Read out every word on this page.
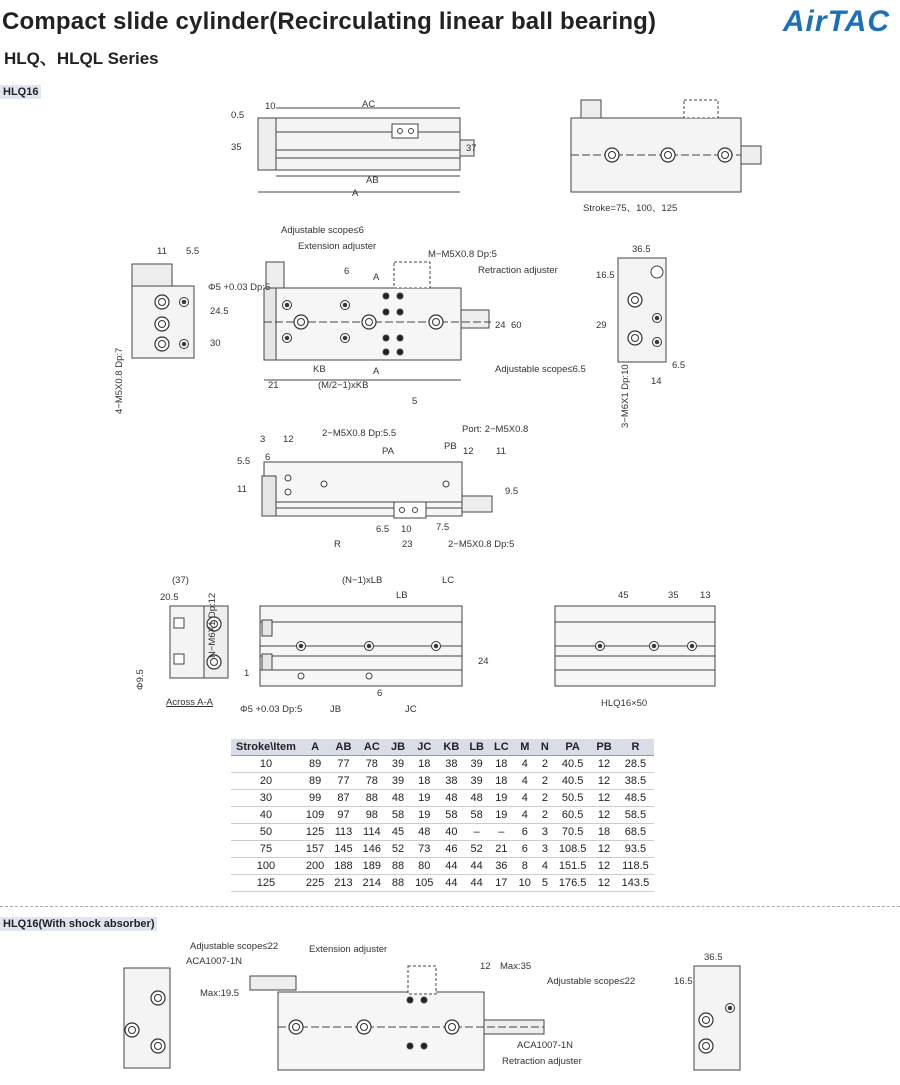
Compact slide cylinder(Recirculating linear ball bearing)
HLQ、HLQL Series
AirTAC
HLQ16
Stroke=75、100、125
Adjustable scope≤6
Extension adjuster
M−M5X0.8 Dp:5
Retraction adjuster
Adjustable scope≤6.5
Φ5 +0.03 Dp:5
2−M5X0.8 Dp:5.5	Port: 2−M5X0.8
2−M5X0.8 Dp:5
Across A-A	HLQ16×50
N−M6X1 Dp:12
4−M5X0.8 Dp:7	3−M6X1 Dp:10
Φ9.5
10	AC
AB
A
0.5
35	37
11 5.5
24.5
30
6
A
A
24 60
KB
(M/2−1)xKB
21
5
36.5
16.5
29
6.5
14
3 12
6
PA	PB 12 11
5.5
11	9.5
6.5 10	7.5
R	23
(37)
20.5
(N−1)xLB	LC
LB
24
1
6
Φ5 +0.03 Dp:5	JB	JC
45	35 13
Stroke\Item	A	AB	AC	JB	JC	KB	LB	LC	M	N	PA	PB	R
10	89	77	78	39	18	38	39	18	4	2	40.5	12	28.5
20	89	77	78	39	18	38	39	18	4	2	40.5	12	38.5
30	99	87	88	48	19	48	48	19	4	2	50.5	12	48.5
40	109	97	98	58	19	58	58	19	4	2	60.5	12	58.5
50	125	113	114	45	48	40	–	–	6	3	70.5	18	68.5
75	157	145	146	52	73	46	52	21	6	3	108.5	12	93.5
100	200	188	189	88	80	44	44	36	8	4	151.5	12	118.5
125	225	213	214	88	105	44	44	17	10	5	176.5	12	143.5
HLQ16(With shock absorber)
Adjustable scope≤22
ACA1007-1N
Extension adjuster
Max:19.5
12 Max:35
Adjustable scope≤22
ACA1007-1N
Retraction adjuster
36.5
16.5
